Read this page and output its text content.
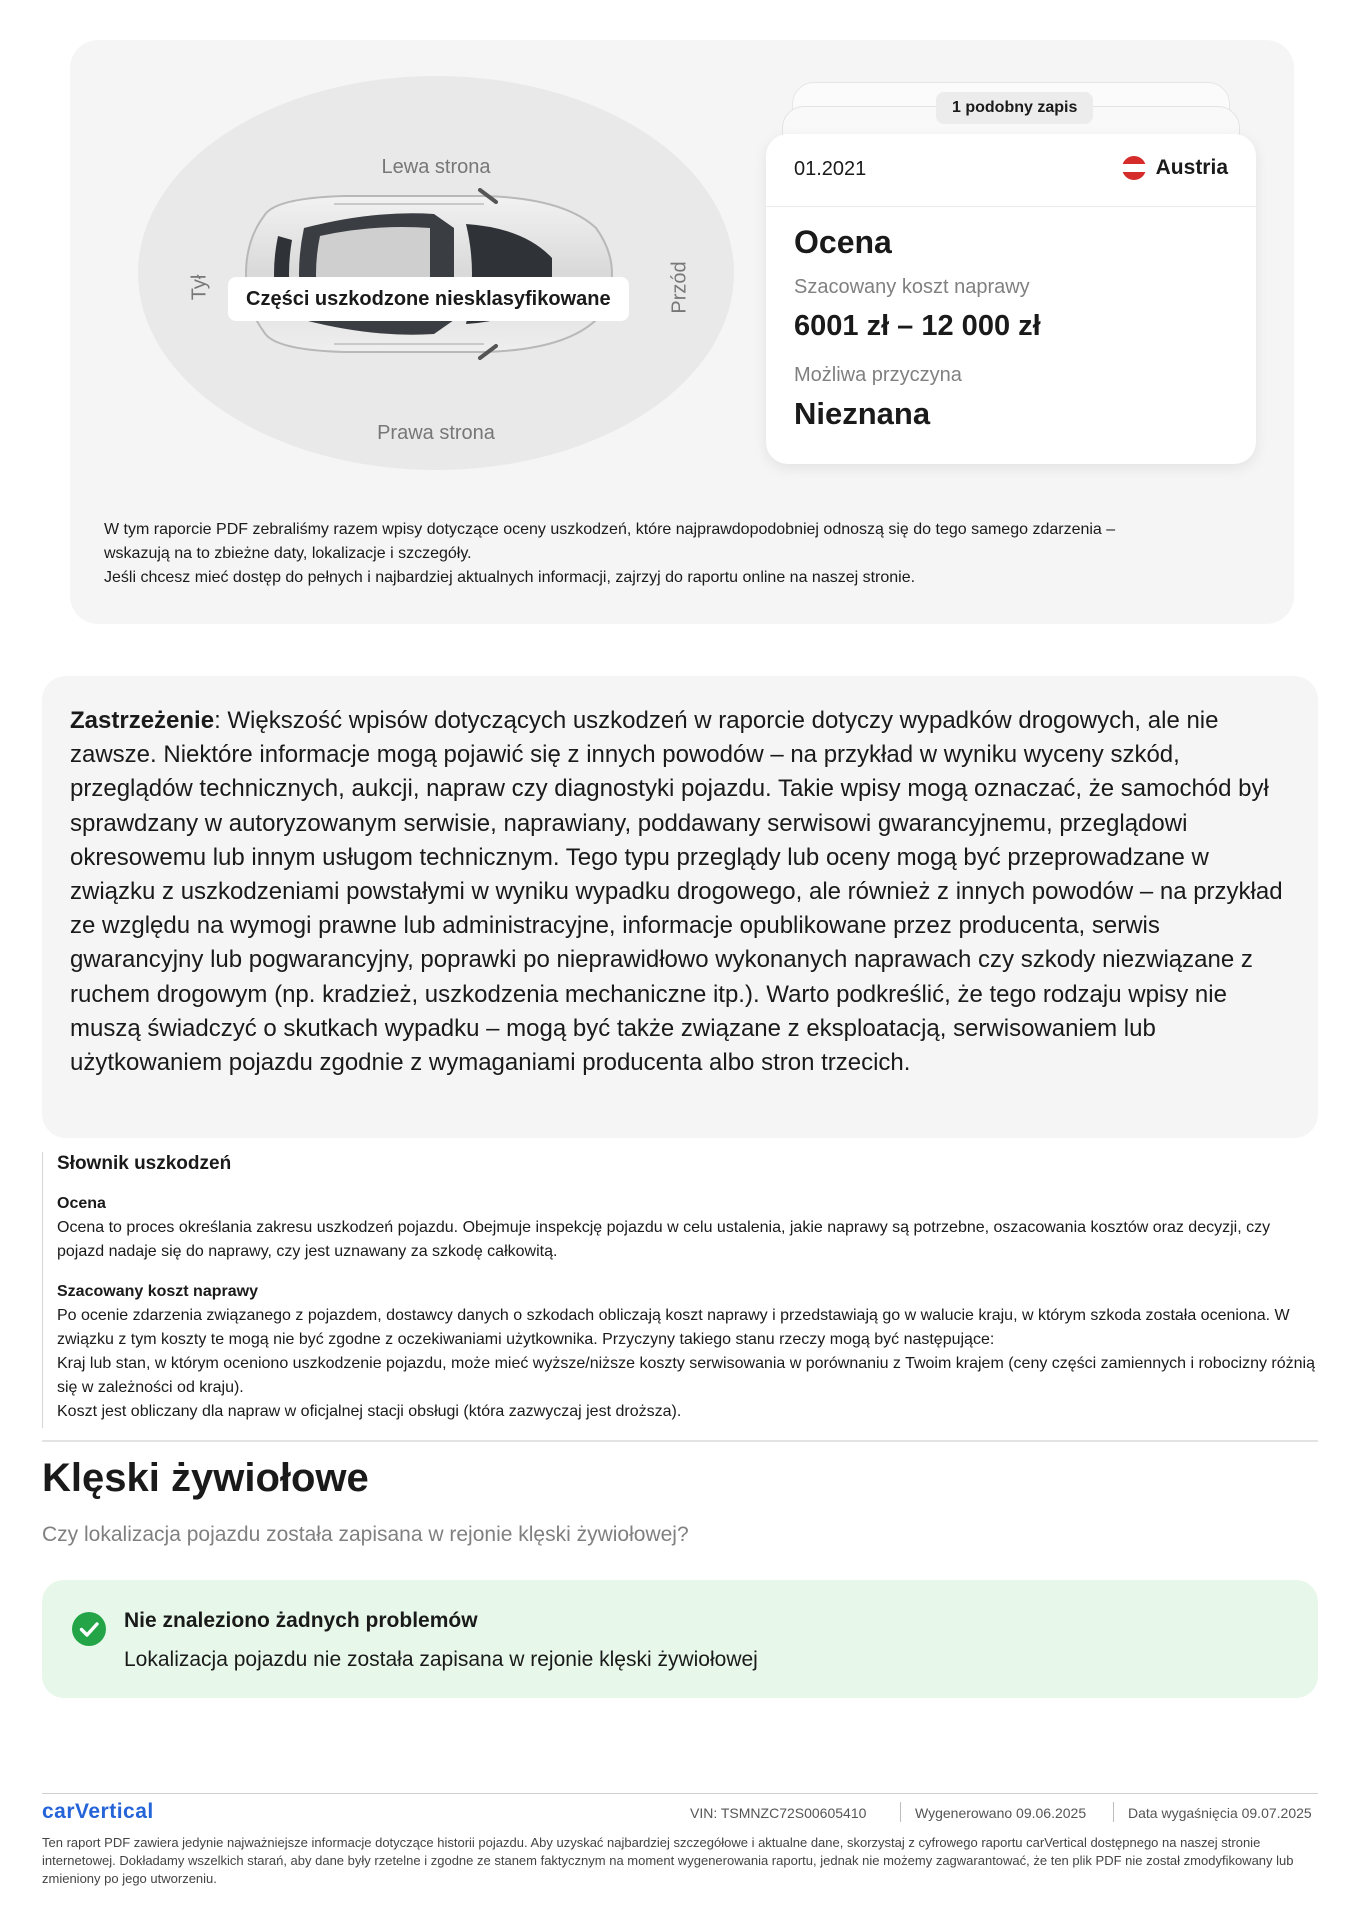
Lewa strona
Prawa strona
Tył	Przód
Części uszkodzone niesklasyfikowane
1 podobny zapis
01.2021	Austria
Ocena
Szacowany koszt naprawy
6001 zł – 12 000 zł
Możliwa przyczyna
Nieznana
W tym raporcie PDF zebraliśmy razem wpisy dotyczące oceny uszkodzeń, które najprawdopodobniej odnoszą się do tego samego zdarzenia –
wskazują na to zbieżne daty, lokalizacje i szczegóły.
Jeśli chcesz mieć dostęp do pełnych i najbardziej aktualnych informacji, zajrzyj do raportu online na naszej stronie.
Zastrzeżenie: Większość wpisów dotyczących uszkodzeń w raporcie dotyczy wypadków drogowych, ale nie zawsze. Niektóre informacje mogą pojawić się z innych powodów – na przykład w wyniku wyceny szkód, przeglądów technicznych, aukcji, napraw czy diagnostyki pojazdu. Takie wpisy mogą oznaczać, że samochód był sprawdzany w autoryzowanym serwisie, naprawiany, poddawany serwisowi gwarancyjnemu, przeglądowi okresowemu lub innym usługom technicznym. Tego typu przeglądy lub oceny mogą być przeprowadzane w związku z uszkodzeniami powstałymi w wyniku wypadku drogowego, ale również z innych powodów – na przykład ze względu na wymogi prawne lub administracyjne, informacje opublikowane przez producenta, serwis gwarancyjny lub pogwarancyjny, poprawki po nieprawidłowo wykonanych naprawach czy szkody niezwiązane z ruchem drogowym (np. kradzież, uszkodzenia mechaniczne itp.). Warto podkreślić, że tego rodzaju wpisy nie muszą świadczyć o skutkach wypadku – mogą być także związane z eksploatacją, serwisowaniem lub użytkowaniem pojazdu zgodnie z wymaganiami producenta albo stron trzecich.
Słownik uszkodzeń
Ocena
Ocena to proces określania zakresu uszkodzeń pojazdu. Obejmuje inspekcję pojazdu w celu ustalenia, jakie naprawy są potrzebne, oszacowania kosztów oraz decyzji, czy pojazd nadaje się do naprawy, czy jest uznawany za szkodę całkowitą.
Szacowany koszt naprawy
Po ocenie zdarzenia związanego z pojazdem, dostawcy danych o szkodach obliczają koszt naprawy i przedstawiają go w walucie kraju, w którym szkoda została oceniona. W związku z tym koszty te mogą nie być zgodne z oczekiwaniami użytkownika. Przyczyny takiego stanu rzeczy mogą być następujące:
Kraj lub stan, w którym oceniono uszkodzenie pojazdu, może mieć wyższe/niższe koszty serwisowania w porównaniu z Twoim krajem (ceny części zamiennych i robocizny różnią się w zależności od kraju).
Koszt jest obliczany dla napraw w oficjalnej stacji obsługi (która zazwyczaj jest droższa).
Klęski żywiołowe
Czy lokalizacja pojazdu została zapisana w rejonie klęski żywiołowej?
Nie znaleziono żadnych problemów
Lokalizacja pojazdu nie została zapisana w rejonie klęski żywiołowej
carVertical	VIN: TSMNZC72S00605410	Wygenerowano 09.06.2025	Data wygaśnięcia 09.07.2025
Ten raport PDF zawiera jedynie najważniejsze informacje dotyczące historii pojazdu. Aby uzyskać najbardziej szczegółowe i aktualne dane, skorzystaj z cyfrowego raportu carVertical dostępnego na naszej stronie internetowej. Dokładamy wszelkich starań, aby dane były rzetelne i zgodne ze stanem faktycznym na moment wygenerowania raportu, jednak nie możemy zagwarantować, że ten plik PDF nie został zmodyfikowany lub zmieniony po jego utworzeniu.
